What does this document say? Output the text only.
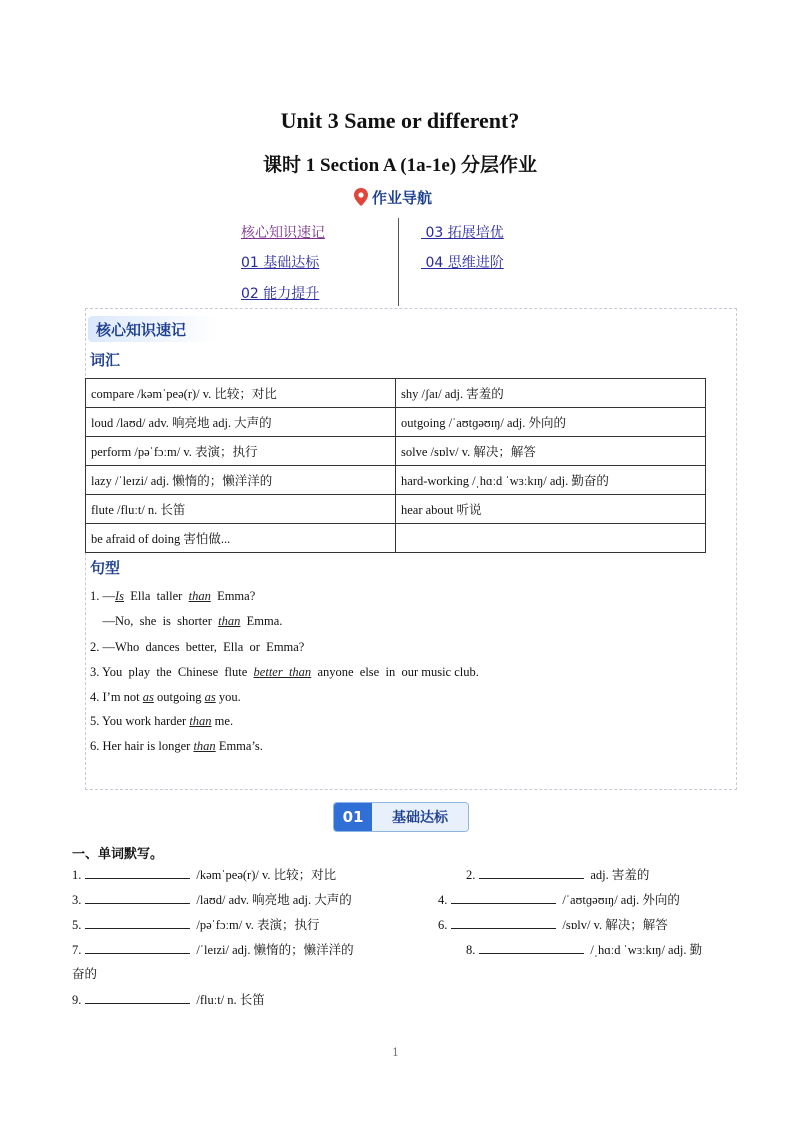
Unit 3 Same or different?
课时 1 Section A (1a-1e) 分层作业
作业导航
核心知识速记
01 基础达标
02 能力提升
03 拓展培优
04 思维进阶
核心知识速记
词汇
compare /kəmˈpeə(r)/ v. 比较；对比	shy /ʃaɪ/ adj. 害羞的
loud /laʊd/ adv. 响亮地 adj. 大声的	outgoing /ˈaʊtɡəʊɪŋ/ adj. 外向的
perform /pəˈfɔːm/ v. 表演；执行	solve /sɒlv/ v. 解决；解答
lazy /ˈleɪzi/ adj. 懒惰的；懒洋洋的	hard-working /ˌhɑːd ˈwɜːkɪŋ/ adj. 勤奋的
flute /fluːt/ n. 长笛	hear about 听说
be afraid of doing 害怕做...	
句型
1. —Is  Ella  taller  than  Emma?
—No,  she  is  shorter  than  Emma.
2. —Who  dances  better,  Ella  or  Emma?
3. You  play  the  Chinese  flute  better  than  anyone  else  in  our music club.
4. I’m not as outgoing as you.
5. You work harder than me.
6. Her hair is longer than Emma’s.
01	基础达标
一、单词默写。
1.	/kəmˈpeə(r)/ v. 比较；对比	2.	adj. 害羞的
3.	/laʊd/ adv. 响亮地 adj. 大声的	4.	/ˈaʊtɡəʊɪŋ/ adj. 外向的
5.	/pəˈfɔːm/ v. 表演；执行	6.	/sɒlv/ v. 解决；解答
7.	/ˈleɪzi/ adj. 懒惰的；懒洋洋的	8.	/ˌhɑːd ˈwɜːkɪŋ/ adj. 勤
奋的
9.	/fluːt/ n. 长笛
1
